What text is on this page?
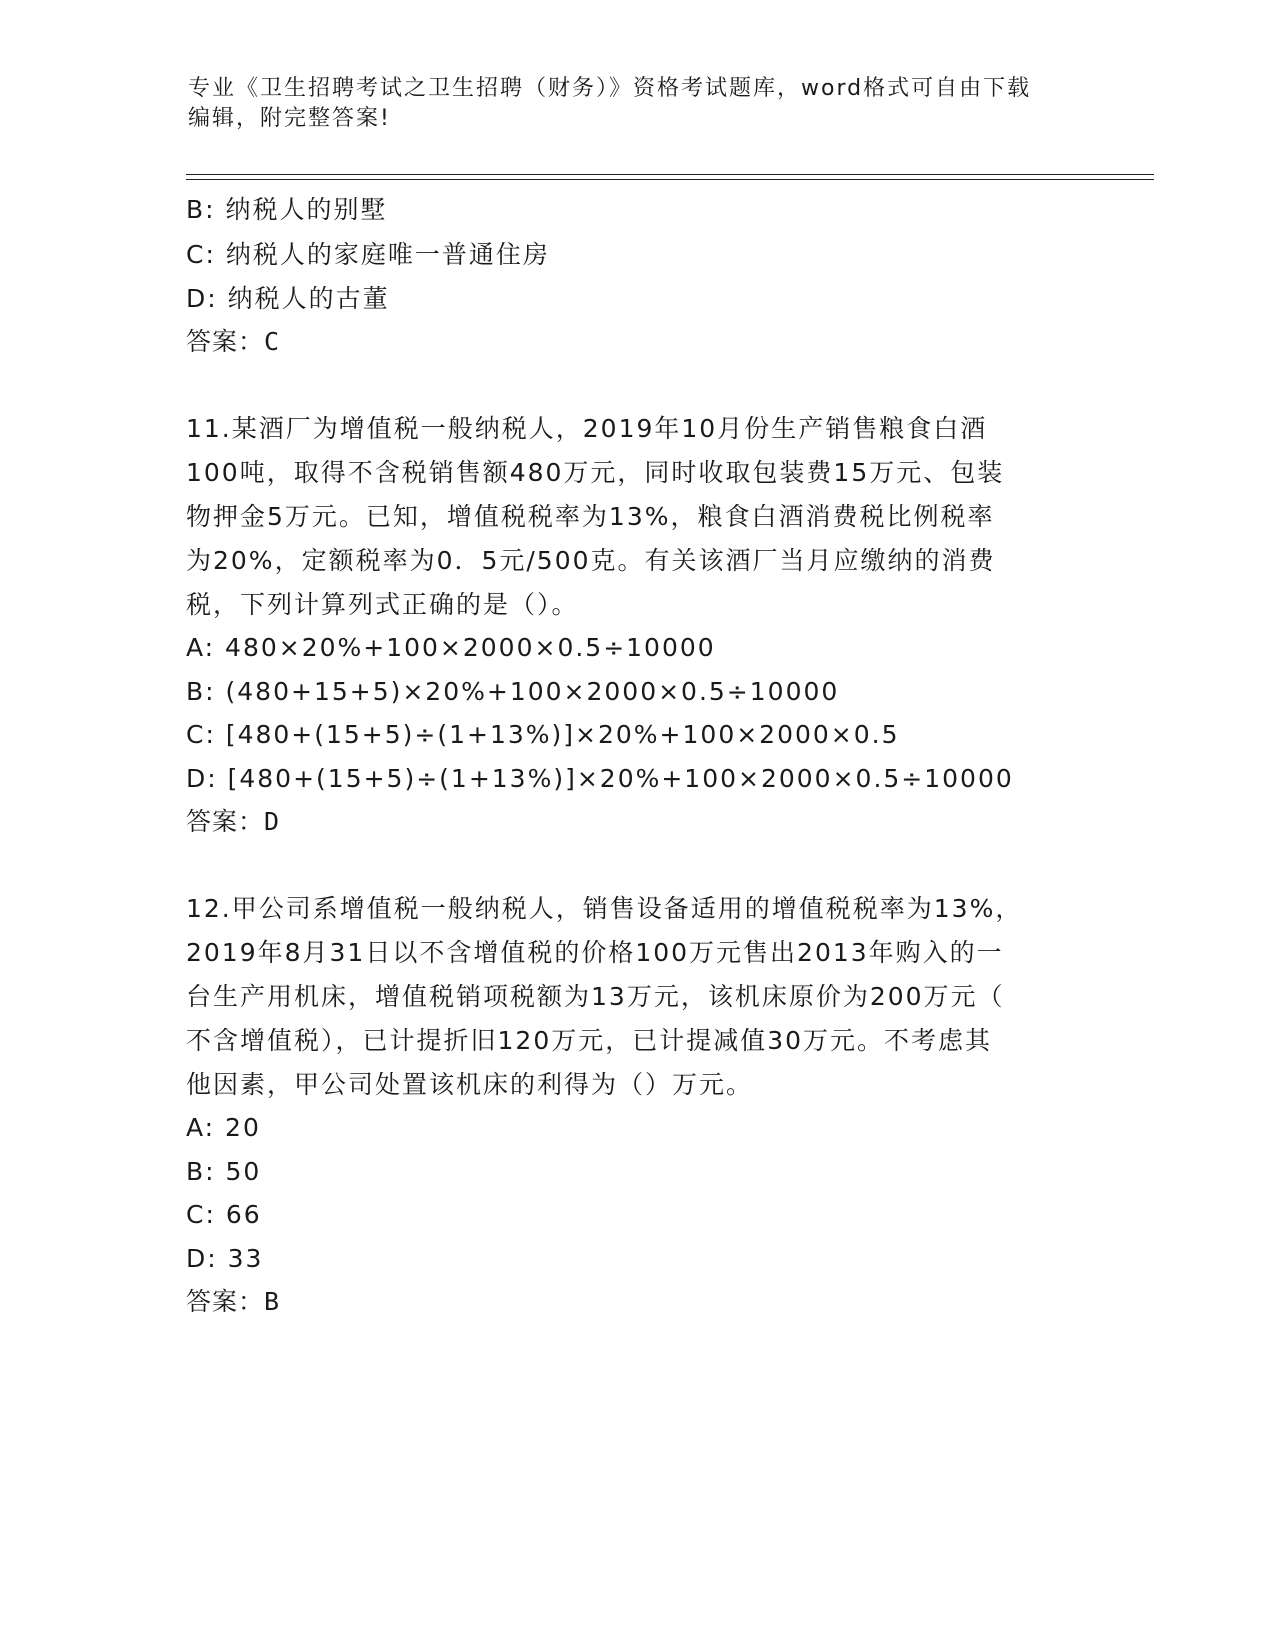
专业《卫生招聘考试之卫生招聘（财务）》资格考试题库，word格式可自由下载
编辑，附完整答案!
B: 纳税人的别墅
C: 纳税人的家庭唯一普通住房
D: 纳税人的古董
答案：C
11.某酒厂为增值税一般纳税人，2019年10月份生产销售粮食白酒
100吨，取得不含税销售额480万元，同时收取包装费15万元、包装
物押金5万元。已知，增值税税率为13%，粮食白酒消费税比例税率
为20%，定额税率为0．5元/500克。有关该酒厂当月应缴纳的消费
税，下列计算列式正确的是（）。
A: 480×20%+100×2000×0.5÷10000
B: (480+15+5)×20%+100×2000×0.5÷10000
C: [480+(15+5)÷(1+13%)]×20%+100×2000×0.5
D: [480+(15+5)÷(1+13%)]×20%+100×2000×0.5÷10000
答案：D
12.甲公司系增值税一般纳税人，销售设备适用的增值税税率为13%，
2019年8月31日以不含增值税的价格100万元售出2013年购入的一
台生产用机床，增值税销项税额为13万元，该机床原价为200万元（
不含增值税），已计提折旧120万元，已计提减值30万元。不考虑其
他因素，甲公司处置该机床的利得为（）万元。
A: 20
B: 50
C: 66
D: 33
答案：B
